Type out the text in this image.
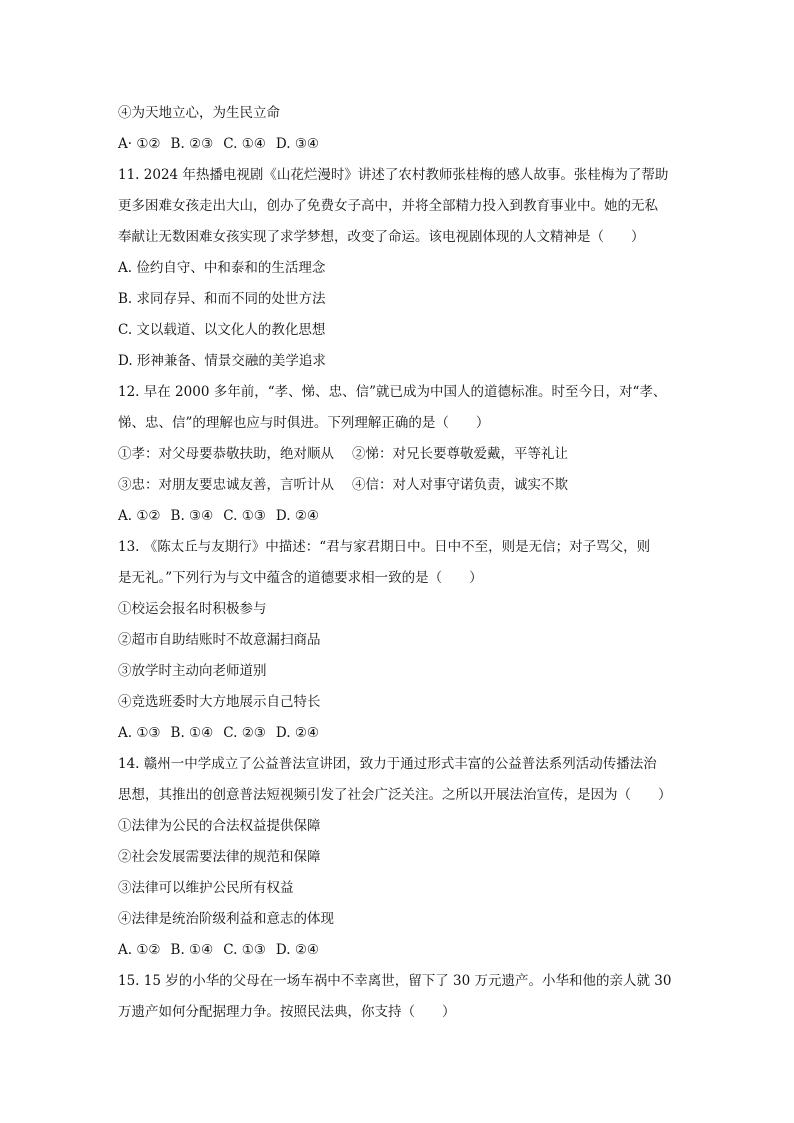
④为天地立心，为生民立命
A· ①② B. ②③ C. ①④ D. ③④
11. 2024 年热播电视剧《山花烂漫时》讲述了农村教师张桂梅的感人故事。张桂梅为了帮助
更多困难女孩走出大山，创办了免费女子高中，并将全部精力投入到教育事业中。她的无私
奉献让无数困难女孩实现了求学梦想，改变了命运。该电视剧体现的人文精神是（　　）
A. 俭约自守、中和泰和的生活理念
B. 求同存异、和而不同的处世方法
C. 文以载道、以文化人的教化思想
D. 形神兼备、情景交融的美学追求
12. 早在 2000 多年前，“孝、悌、忠、信”就已成为中国人的道德标准。时至今日，对“孝、
悌、忠、信”的理解也应与时俱进。下列理解正确的是（　　）
①孝：对父母要恭敬扶助，绝对顺从	②悌：对兄长要尊敬爱戴，平等礼让
③忠：对朋友要忠诚友善，言听计从	④信：对人对事守诺负责，诚实不欺
A. ①② B. ③④ C. ①③ D. ②④
13. 《陈太丘与友期行》中描述：“君与家君期日中。日中不至，则是无信；对子骂父，则
是无礼。”下列行为与文中蕴含的道德要求相一致的是（　　）
①校运会报名时积极参与
②超市自助结账时不故意漏扫商品
③放学时主动向老师道别
④竞选班委时大方地展示自己特长
A. ①③ B. ①④ C. ②③ D. ②④
14. 赣州一中学成立了公益普法宣讲团，致力于通过形式丰富的公益普法系列活动传播法治
思想，其推出的创意普法短视频引发了社会广泛关注。之所以开展法治宣传，是因为（　　）
①法律为公民的合法权益提供保障
②社会发展需要法律的规范和保障
③法律可以维护公民所有权益
④法律是统治阶级利益和意志的体现
A. ①② B. ①④ C. ①③ D. ②④
15. 15 岁的小华的父母在一场车祸中不幸离世，留下了 30 万元遗产。小华和他的亲人就 30
万遗产如何分配据理力争。按照民法典，你支持（　　）
